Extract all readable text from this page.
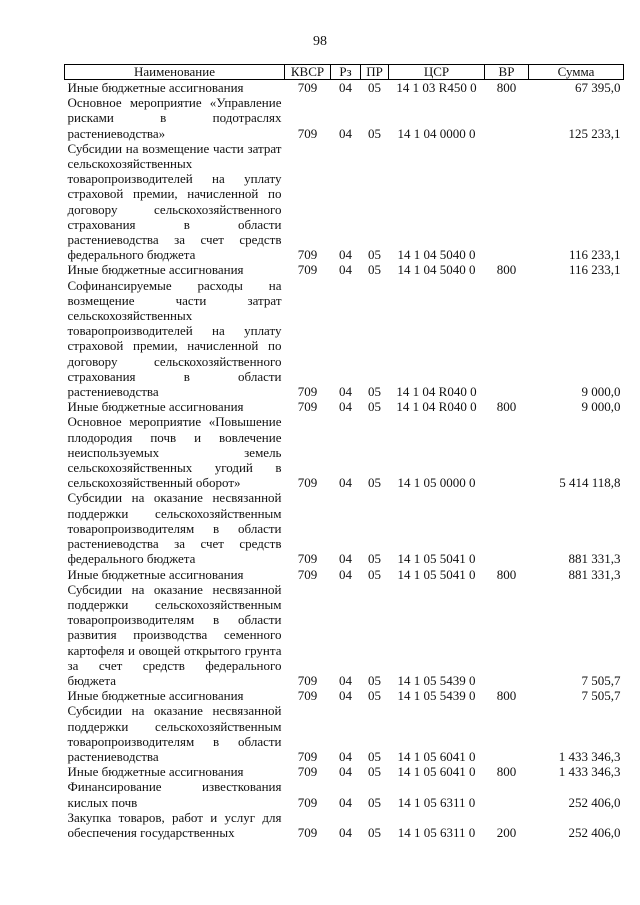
98
Наименование	КВСР	Рз	ПР	ЦСР	ВР	Сумма
Иные бюджетные ассигнования	709	04	05	14 1 03 R450 0	800	67 395,0
Основное мероприятие «Управление рисками в подотраслях растениеводства»	709	04	05	14 1 04 0000 0		125 233,1
Субсидии на возмещение части затрат сельскохозяйственных товаропроизводителей на уплату страховой премии, начисленной по договору сельскохозяйственного страхования в области растениеводства за счет средств федерального бюджета	709	04	05	14 1 04 5040 0		116 233,1
Иные бюджетные ассигнования	709	04	05	14 1 04 5040 0	800	116 233,1
Софинансируемые расходы на возмещение части затрат сельскохозяйственных товаропроизводителей на уплату страховой премии, начисленной по договору сельскохозяйственного страхования в области растениеводства	709	04	05	14 1 04 R040 0		9 000,0
Иные бюджетные ассигнования	709	04	05	14 1 04 R040 0	800	9 000,0
Основное мероприятие «Повышение плодородия почв и вовлечение неиспользуемых земель сельскохозяйственных угодий в сельскохозяйственный оборот»	709	04	05	14 1 05 0000 0		5 414 118,8
Субсидии на оказание несвязанной поддержки сельскохозяйственным товаропроизводителям в области растениеводства за счет средств федерального бюджета	709	04	05	14 1 05 5041 0		881 331,3
Иные бюджетные ассигнования	709	04	05	14 1 05 5041 0	800	881 331,3
Субсидии на оказание несвязанной поддержки сельскохозяйственным товаропроизводителям в области развития производства семенного картофеля и овощей открытого грунта за счет средств федерального бюджета	709	04	05	14 1 05 5439 0		7 505,7
Иные бюджетные ассигнования	709	04	05	14 1 05 5439 0	800	7 505,7
Субсидии на оказание несвязанной поддержки сельскохозяйственным товаропроизводителям в области растениеводства	709	04	05	14 1 05 6041 0		1 433 346,3
Иные бюджетные ассигнования	709	04	05	14 1 05 6041 0	800	1 433 346,3
Финансирование известкования кислых почв	709	04	05	14 1 05 6311 0		252 406,0
Закупка товаров, работ и услуг для обеспечения государственных	709	04	05	14 1 05 6311 0	200	252 406,0
